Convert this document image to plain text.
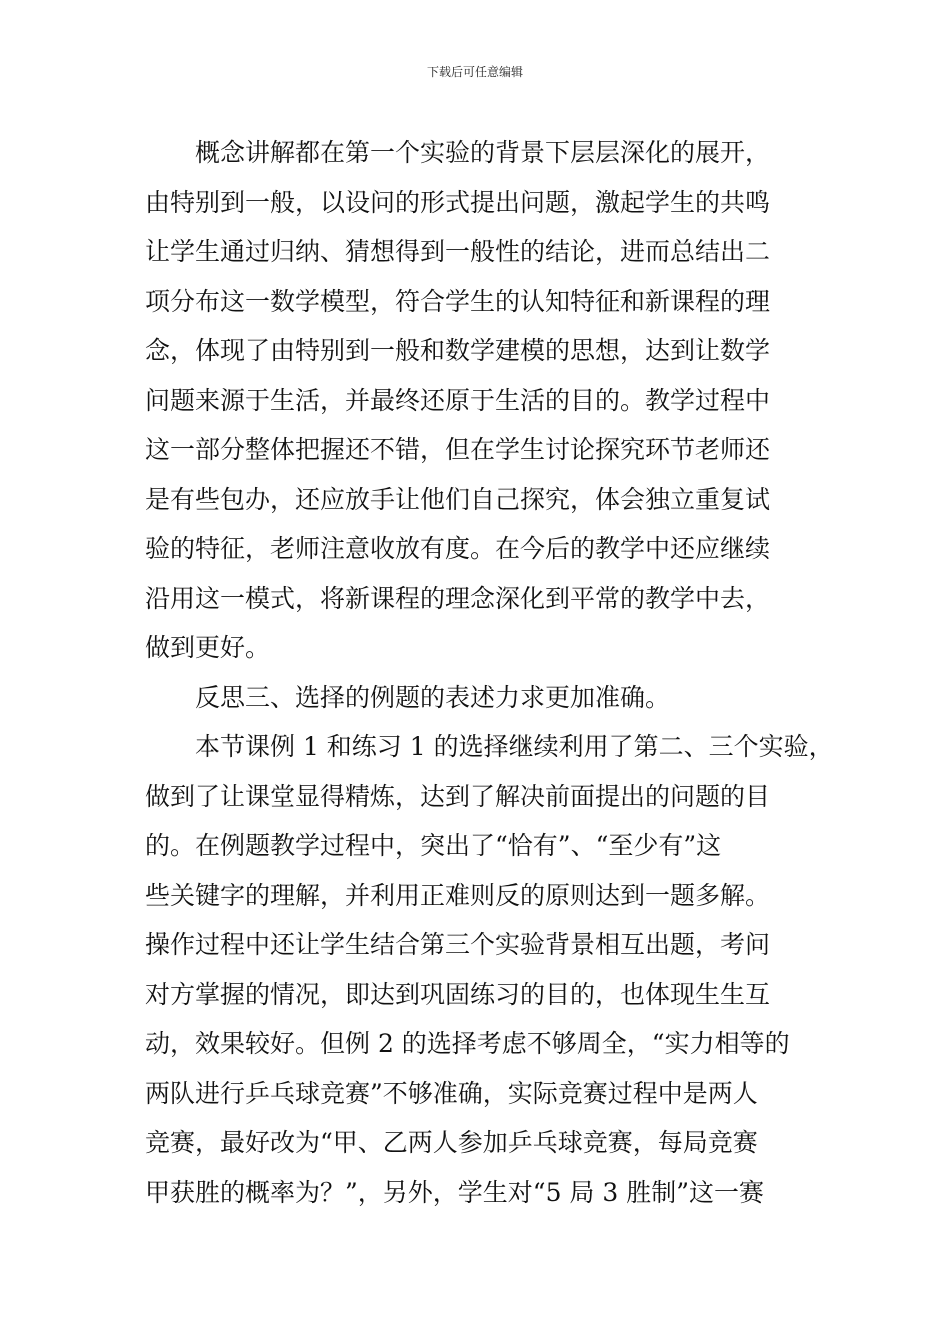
下载后可任意编辑
概念讲解都在第一个实验的背景下层层深化的展开，
由特别到一般，以设问的形式提出问题，激起学生的共鸣
让学生通过归纳、猜想得到一般性的结论，进而总结出二
项分布这一数学模型，符合学生的认知特征和新课程的理
念，体现了由特别到一般和数学建模的思想，达到让数学
问题来源于生活，并最终还原于生活的目的。教学过程中
这一部分整体把握还不错，但在学生讨论探究环节老师还
是有些包办，还应放手让他们自己探究，体会独立重复试
验的特征，老师注意收放有度。在今后的教学中还应继续
沿用这一模式，将新课程的理念深化到平常的教学中去，
做到更好。
反思三、选择的例题的表述力求更加准确。
本节课例 1 和练习 1 的选择继续利用了第二、三个实验，
做到了让课堂显得精炼，达到了解决前面提出的问题的目
的。在例题教学过程中，突出了“恰有”、“至少有”这
些关键字的理解，并利用正难则反的原则达到一题多解。
操作过程中还让学生结合第三个实验背景相互出题，考问
对方掌握的情况，即达到巩固练习的目的，也体现生生互
动，效果较好。但例 2 的选择考虑不够周全，“实力相等的
两队进行乒乓球竞赛”不够准确，实际竞赛过程中是两人
竞赛，最好改为“甲、乙两人参加乒乓球竞赛，每局竞赛
甲获胜的概率为？”，另外，学生对“5 局 3 胜制”这一赛
